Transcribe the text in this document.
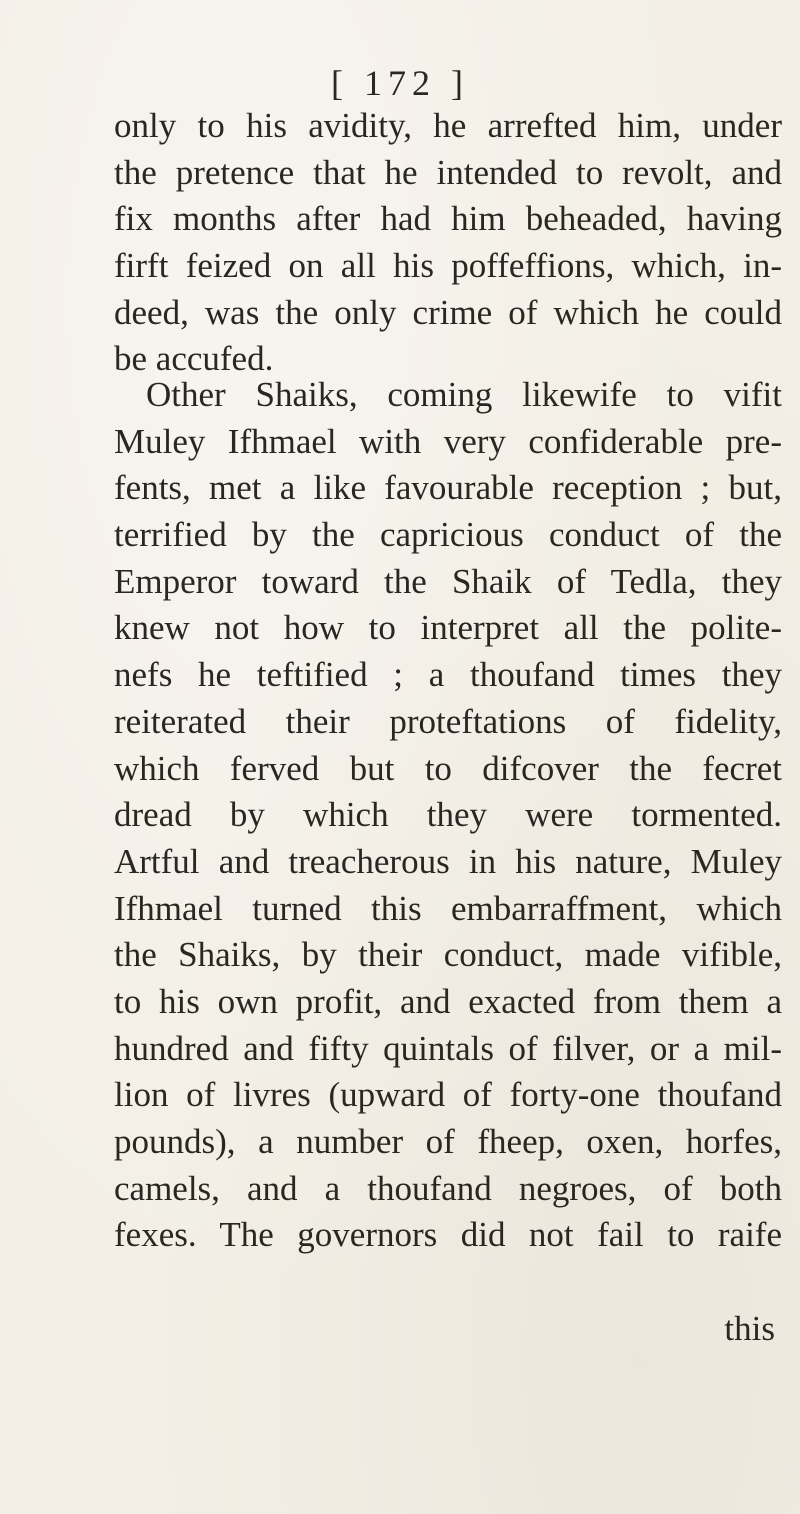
[ 172 ]
only to his avidity, he arrefted him, under
the pretence that he intended to revolt, and
fix months after had him beheaded, having
firft feized on all his poffeffions, which, in-
deed, was the only crime of which he could
be accufed.
Other Shaiks, coming likewife to vifit
Muley Ifhmael with very confiderable pre-
fents, met a like favourable reception ; but,
terrified by the capricious conduct of the
Emperor toward the Shaik of Tedla, they
knew not how to interpret all the polite-
nefs he teftified ; a thoufand times they
reiterated their proteftations of fidelity,
which ferved but to difcover the fecret
dread by which they were tormented.
Artful and treacherous in his nature, Muley
Ifhmael turned this embarraffment, which
the Shaiks, by their conduct, made vifible,
to his own profit, and exacted from them a
hundred and fifty quintals of filver, or a mil-
lion of livres (upward of forty-one thoufand
pounds), a number of fheep, oxen, horfes,
camels, and a thoufand negroes, of both
fexes. The governors did not fail to raife
this
